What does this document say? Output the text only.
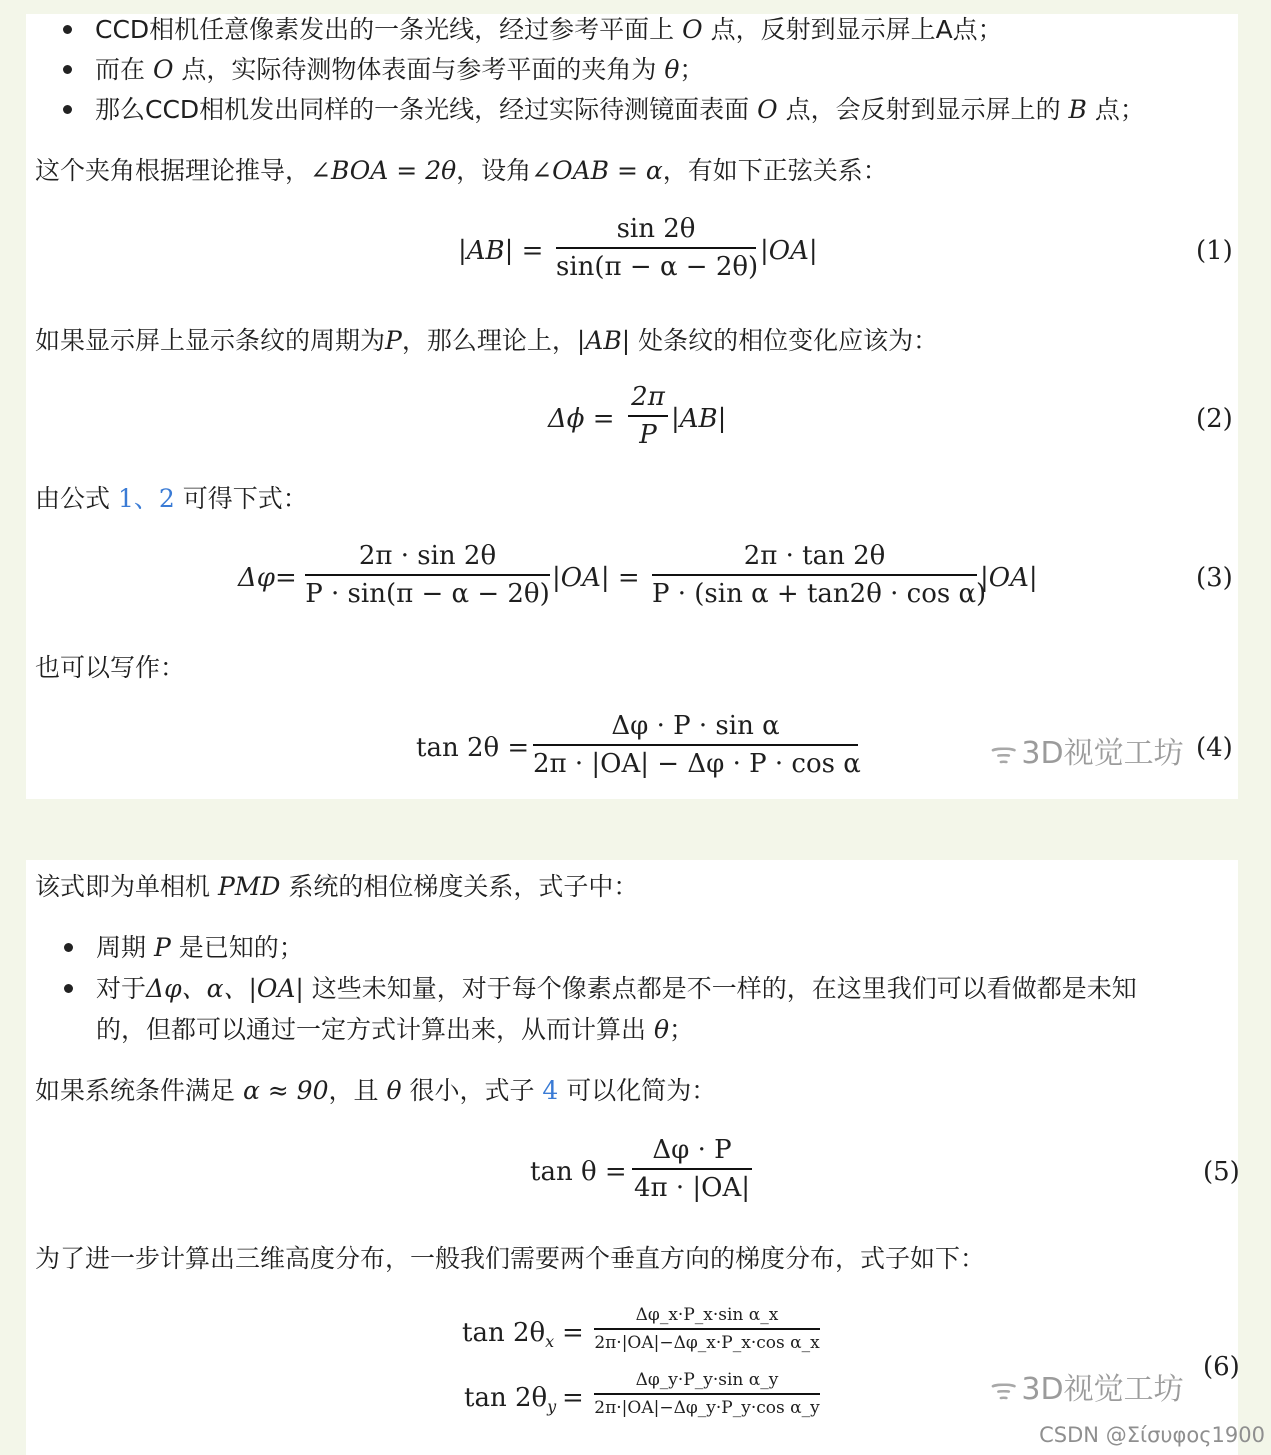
CCD相机任意像素发出的一条光线，经过参考平面上 O 点，反射到显示屏上A点；
而在 O 点，实际待测物体表面与参考平面的夹角为 θ；
那么CCD相机发出同样的一条光线，经过实际待测镜面表面 O 点，会反射到显示屏上的 B 点；
这个夹角根据理论推导，∠BOA = 2θ，设角∠OAB = α，有如下正弦关系：
|AB| =
sin 2θ
sin(π − α − 2θ)
|OA|	(1)
如果显示屏上显示条纹的周期为P，那么理论上，|AB| 处条纹的相位变化应该为：
Δϕ =
2π
P
|AB|	(2)
由公式 1、2 可得下式：
Δφ=
2π · sin 2θ
P · sin(π − α − 2θ)
|OA| =
2π · tan 2θ
P · (sin α + tan2θ · cos α)
|OA|	(3)
也可以写作：
tan 2θ =
Δφ · P · sin α
2π · |OA| − Δφ · P · cos α	ᯤ 3D视觉工坊 (4)
该式即为单相机 PMD 系统的相位梯度关系，式子中：
周期 P 是已知的；
对于Δφ、α、|OA| 这些未知量，对于每个像素点都是不一样的，在这里我们可以看做都是未知
的，但都可以通过一定方式计算出来，从而计算出 θ；
如果系统条件满足 α ≈ 90，且 θ 很小，式子 4 可以化简为：
tan θ =
Δφ · P
4π · |OA|
(5)
为了进一步计算出三维高度分布，一般我们需要两个垂直方向的梯度分布，式子如下：
$\tan 2\theta_x$ =
Δφ_x·P_x·sin α_x
2π·|OA|−Δφ_x·P_x·cos α_x
$\tan 2\theta_y$ =
Δφ_y·P_y·sin α_y
2π·|OA|−Δφ_y·P_y·cos α_y
ᯤ 3D视觉工坊
(6)
CSDN @Σίσυφος1900
